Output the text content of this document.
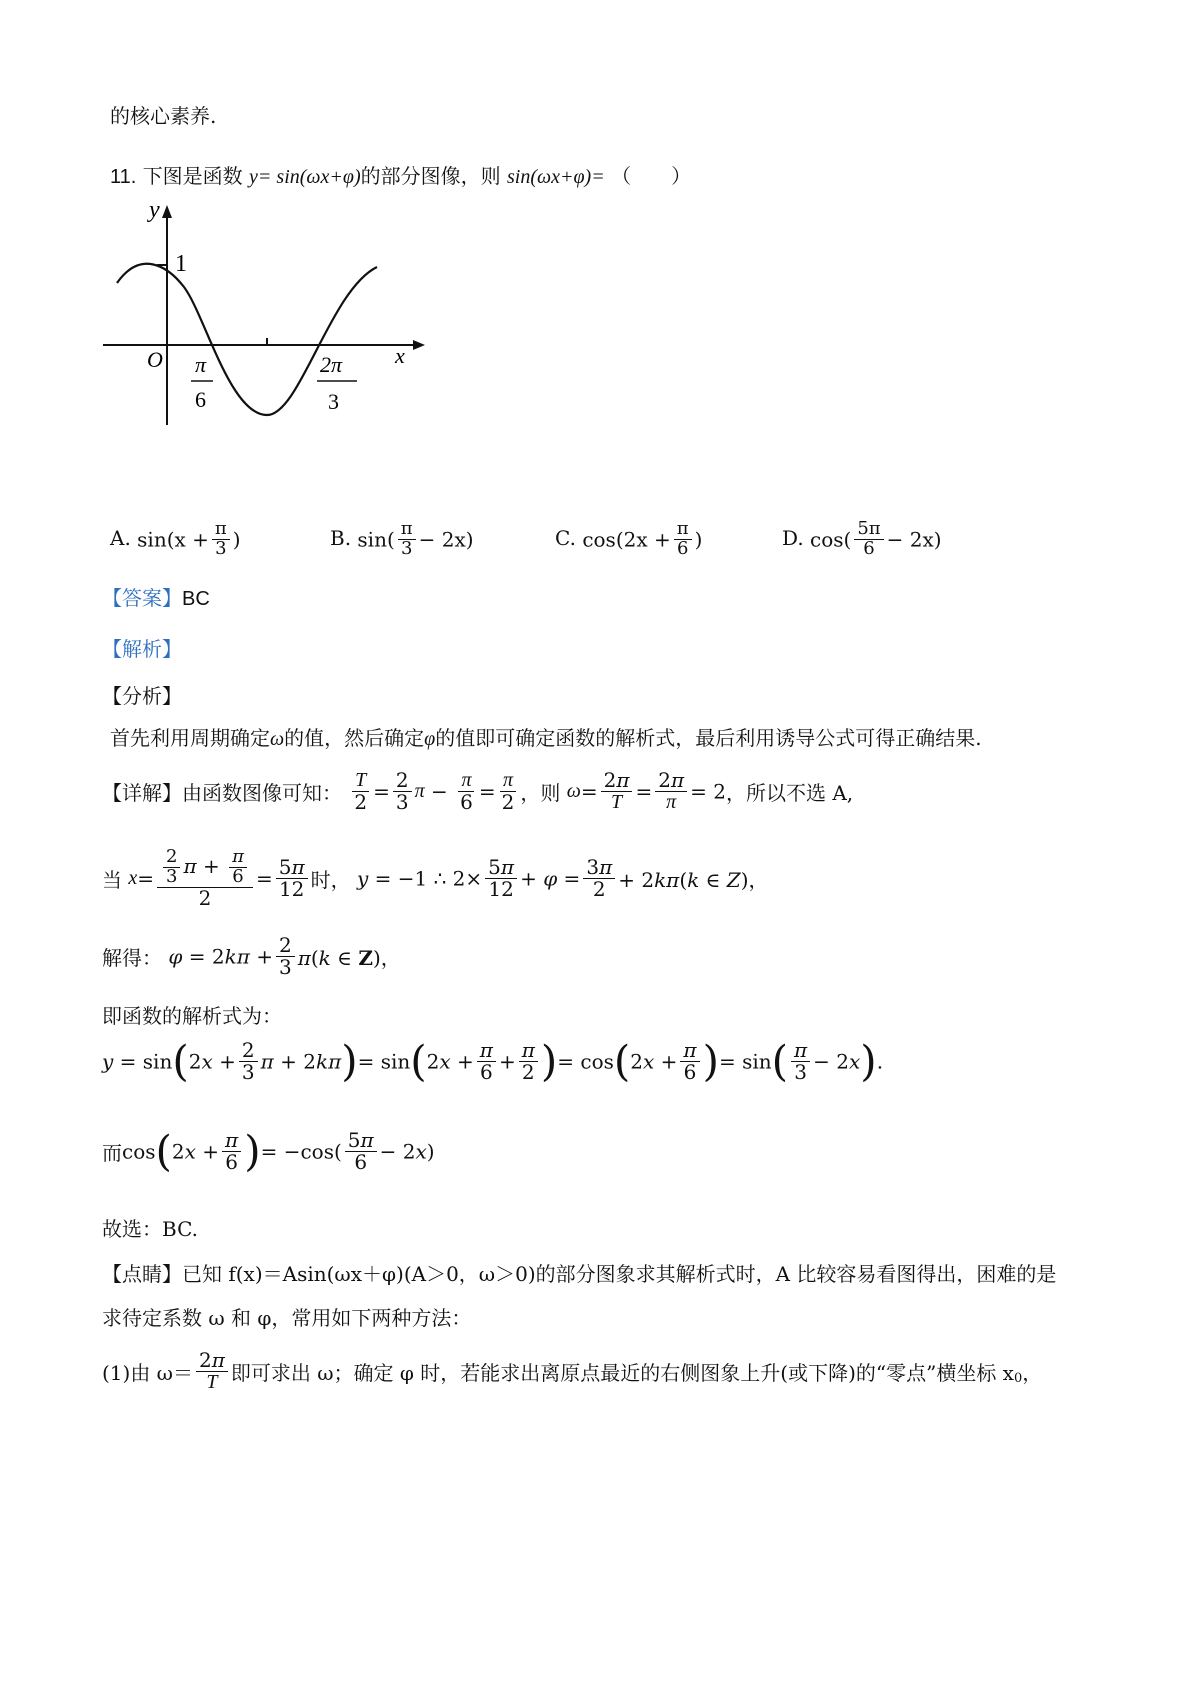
的核心素养.
11. 下图是函数 y= sin(ωx+φ)的部分图像，则 sin(ωx+φ)= （　　）
y
x
O
1
π
6
2π
3
A. $\sin(x + \frac{\pi}{3}$ )	B. $\sin( \frac{\pi}{3} - 2x)$	C. $\cos(2x + \frac{\pi}{6}$ )	D. $\cos( \frac{5\pi}{6} - 2x)$
【答案】BC
【解析】
【分析】
首先利用周期确定ω的值，然后确定φ的值即可确定函数的解析式，最后利用诱导公式可得正确结果.
【详解】由函数图像可知： $\frac{T}{2} = \frac{2}{3}$ $\pi - \frac{\pi}{6} = \frac{\pi}{2}$ ，则 $\omega= \frac{2\pi}{T} = \frac{2\pi}{\pi} = 2$，所以不选 A,
当 $x= \frac{\frac{2}{3} \pi + \frac{\pi}{6}}{2} = \frac{5\pi}{12}$ 时， y = −1 ∴ $2\times \frac{5\pi}{12} + \varphi = \frac{3\pi}{2} + 2k\pi(k$ ∈ Z)，
解得： $\varphi = 2k\pi + \frac{2}{3} \pi(k$ ∈ Z)，
即函数的解析式为：
$y = \sin(2x + \frac{2}{3}$ $\pi + 2k\pi)= \sin(2x + \frac{\pi}{6} + \frac{\pi}{2}$ )= $\cos(2x + \frac{\pi}{6}$ )= $\sin( \frac{\pi}{3} - 2x)$.
而$\cos(2x + \frac{\pi}{6}$ )= $-\cos( \frac{5\pi}{6} - 2x)$
故选：BC.
【点睛】已知 f(x)＝Asin(ωx＋φ)(A＞0，ω＞0)的部分图象求其解析式时，A 比较容易看图得出，困难的是
求待定系数 ω 和 φ，常用如下两种方法：
(1)由 $\omega= \frac{2\pi}{T}$ 即可求出 ω；确定 φ 时，若能求出离原点最近的右侧图象上升(或下降)的“零点”横坐标 $x_0$，
